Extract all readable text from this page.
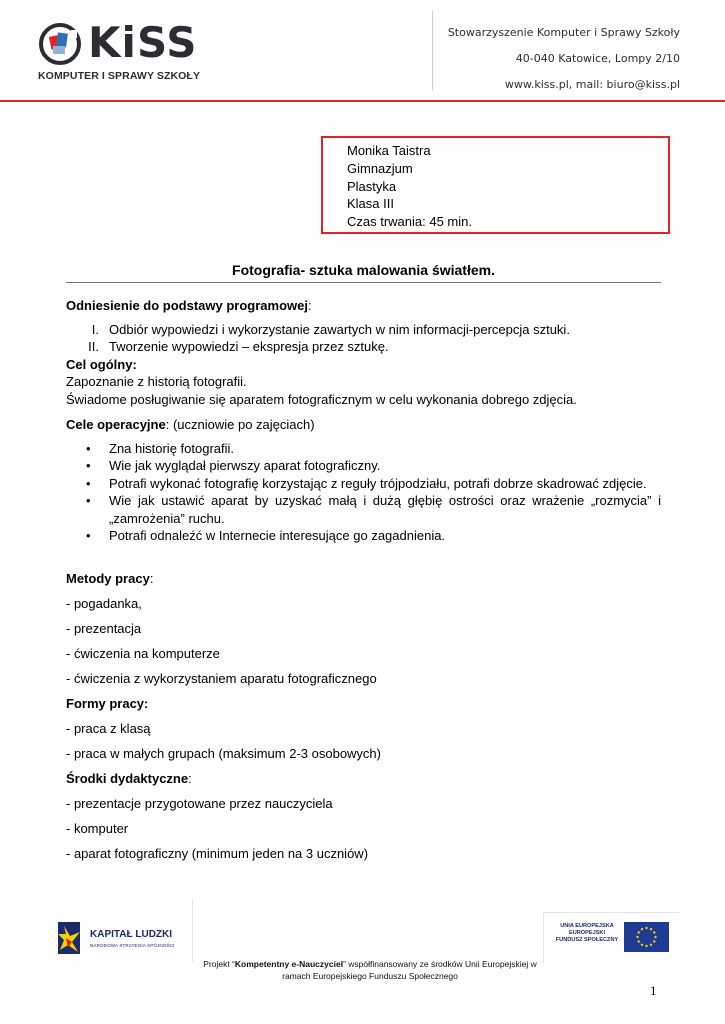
KiSS
KOMPUTER I SPRAWY SZKOŁY
Stowarzyszenie Komputer i Sprawy Szkoły
40-040 Katowice, Lompy 2/10
www.kiss.pl, mail: biuro@kiss.pl
Monika Taistra
Gimnazjum
Plastyka
Klasa III
Czas trwania: 45 min.
Fotografia- sztuka malowania światłem.

Odniesienie do podstawy programowej:

I. Odbiór wypowiedzi i wykorzystanie zawartych w nim informacji-percepcja sztuki.
II. Tworzenie wypowiedzi – ekspresja przez sztukę.

Cel ogólny:

Zapoznanie z historią fotografii.

Świadome posługiwanie się aparatem fotograficznym w celu wykonania dobrego zdjęcia.

Cele operacyjne: (uczniowie po zajęciach)

• Zna historię fotografii.
• Wie jak wyglądał pierwszy aparat fotograficzny.
• Potrafi wykonać fotografię korzystając z reguły trójpodziału, potrafi dobrze skadrować zdjęcie.
• Wie jak ustawić aparat by uzyskać małą i dużą głębię ostrości oraz wrażenie „rozmycia” i „zamrożenia” ruchu.
• Potrafi odnaleźć w Internecie interesujące go zagadnienia.

Metody pracy:

- pogadanka,

- prezentacja

- ćwiczenia na komputerze

- ćwiczenia z wykorzystaniem aparatu fotograficznego

Formy pracy:

- praca z klasą

- praca w małych grupach (maksimum 2-3 osobowych)

Środki dydaktyczne:

- prezentacje przygotowane przez nauczyciela

- komputer

- aparat fotograficzny (minimum jeden na 3 uczniów)

KAPITAŁ LUDZKI
NARODOWA STRATEGIA SPÓJNOŚCI
UNIA EUROPEJSKA
EUROPEJSKI
FUNDUSZ SPOŁECZNY
Projekt “Kompetentny e-Nauczyciel” współfinansowany ze środków Unii Europejskiej w
ramach Europejskiego Funduszu Społecznego
1
